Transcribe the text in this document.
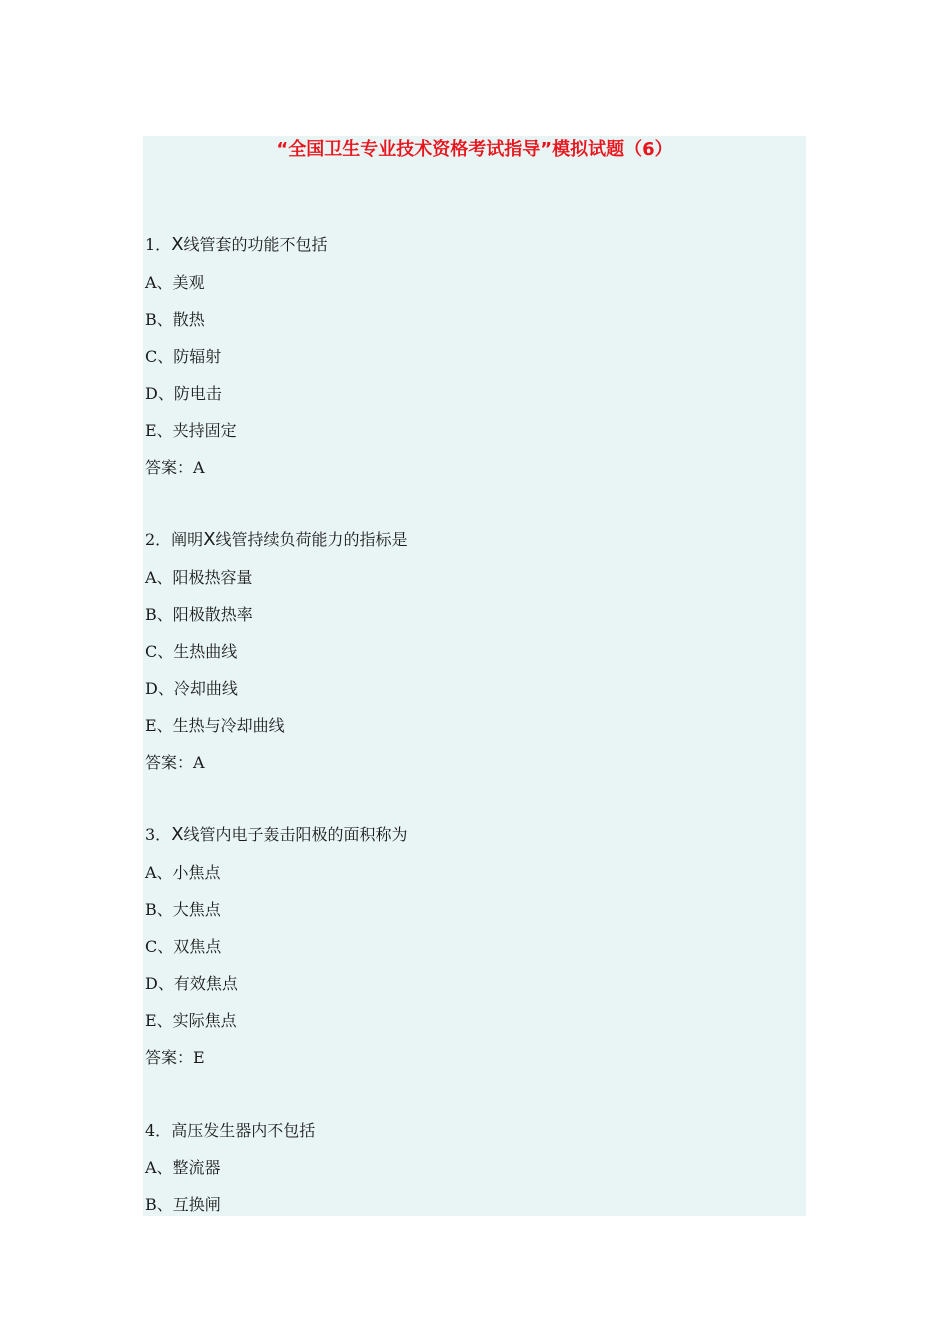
“全国卫生专业技术资格考试指导”模拟试题（6）
1．X线管套的功能不包括
A、美观
B、散热
C、防辐射
D、防电击
E、夹持固定
答案：A
2．阐明X线管持续负荷能力的指标是
A、阳极热容量
B、阳极散热率
C、生热曲线
D、冷却曲线
E、生热与冷却曲线
答案：A
3．X线管内电子轰击阳极的面积称为
A、小焦点
B、大焦点
C、双焦点
D、有效焦点
E、实际焦点
答案：E
4．高压发生器内不包括
A、整流器
B、互换闸
